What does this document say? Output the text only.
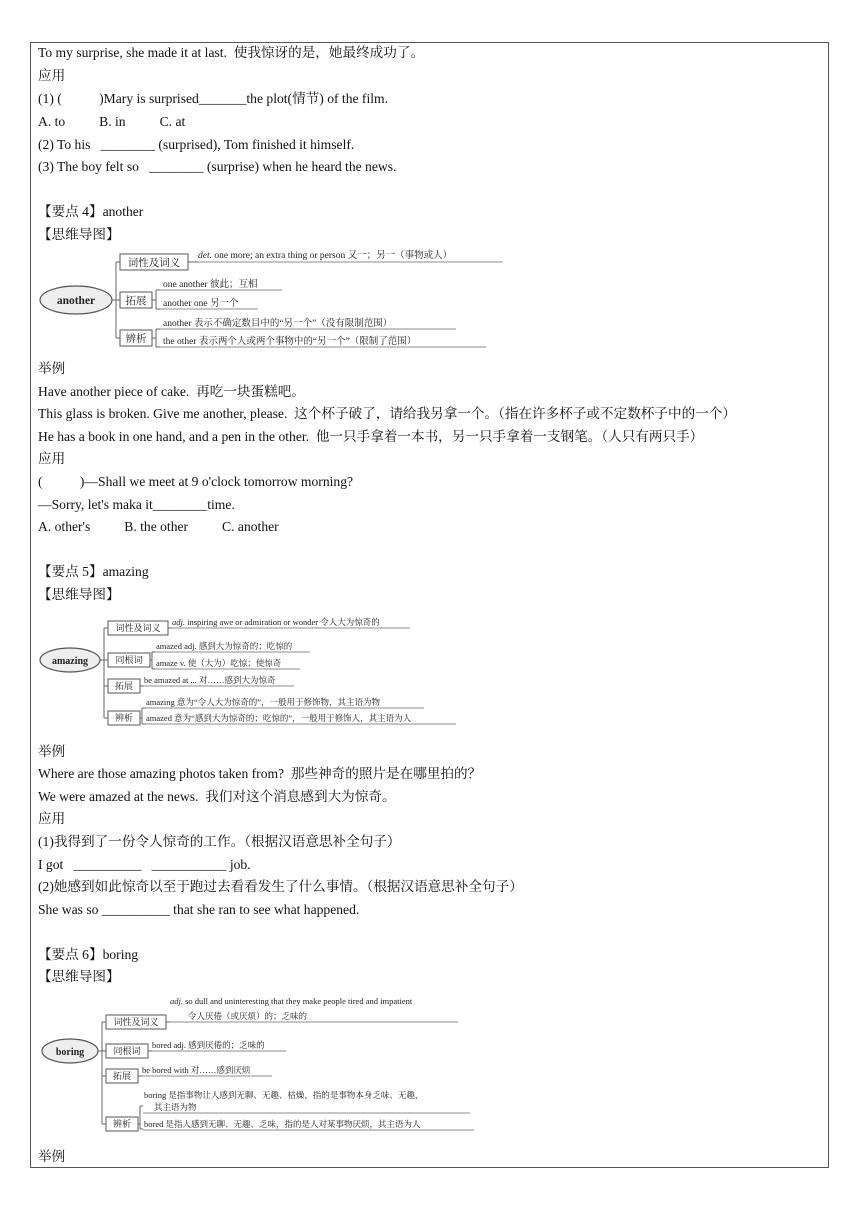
To my surprise, she made it at last.  使我惊讶的是，她最终成功了。
应用
(1) (           )Mary is surprised_______the plot(情节) of the film.
A. to          B. in          C. at
(2) To his   ________ (surprised), Tom finished it himself.
(3) The boy felt so   ________ (surprise) when he heard the news.
【要点 4】another
【思维导图】
another
词性及词义
det. one more; an extra thing or person 又一；另一（事物或人）
拓展
one another 彼此；互相
another one 另一个
辨析
another 表示不确定数目中的“另一个”（没有限制范围）
the other 表示两个人或两个事物中的“另一个”（限制了范围）
举例
Have another piece of cake.  再吃一块蛋糕吧。
This glass is broken. Give me another, please.  这个杯子破了，请给我另拿一个。（指在许多杯子或不定数杯子中的一个）
He has a book in one hand, and a pen in the other.  他一只手拿着一本书，另一只手拿着一支钢笔。（人只有两只手）
应用
(           )—Shall we meet at 9 o'clock tomorrow morning?
—Sorry, let's maka it________time.
A. other's          B. the other          C. another
【要点 5】amazing
【思维导图】
amazing
词性及词义
adj. inspiring awe or admiration or wonder 令人大为惊奇的
同根词
amazed adj. 感到大为惊奇的；吃惊的
amaze v. 使（大为）吃惊；使惊奇
拓展
be amazed at ... 对……感到大为惊奇
辨析
amazing 意为“令人大为惊奇的”，一般用于修饰物，其主语为物
amazed 意为“感到大为惊奇的；吃惊的”，一般用于修饰人，其主语为人
举例
Where are those amazing photos taken from?  那些神奇的照片是在哪里拍的？
We were amazed at the news.  我们对这个消息感到大为惊奇。
应用
(1)我得到了一份令人惊奇的工作。（根据汉语意思补全句子）
I got   __________   ___________ job.
(2)她感到如此惊奇以至于跑过去看看发生了什么事情。（根据汉语意思补全句子）
She was so __________ that she ran to see what happened.
【要点 6】boring
【思维导图】
boring
词性及词义
adj. so dull and uninteresting that they make people tired and impatient
令人厌倦（或厌烦）的；乏味的
同根词
bored adj. 感到厌倦的；乏味的
拓展
be bored with 对……感到厌烦
辨析
boring 是指事物让人感到无聊、无趣、枯燥，指的是事物本身乏味、无趣，
其主语为物
bored 是指人感到无聊、无趣、乏味，指的是人对某事物厌烦，其主语为人
举例
